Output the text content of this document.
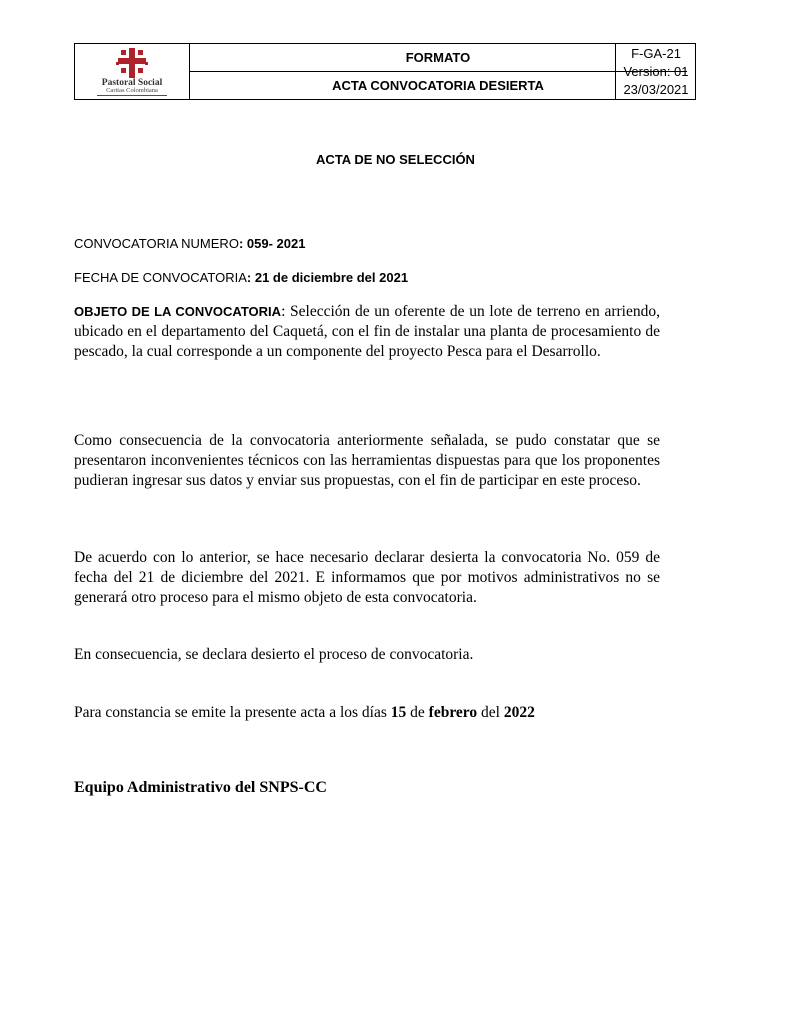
Pastoral Social
Caritas Colombiana
FORMATO
ACTA CONVOCATORIA DESIERTA
F-GA-21
Version: 01
23/03/2021
ACTA DE NO SELECCIÓN
CONVOCATORIA NUMERO: 059- 2021
FECHA DE CONVOCATORIA: 21 de diciembre del 2021
OBJETO DE LA CONVOCATORIA: Selección de un oferente de un lote de terreno en arriendo, ubicado en el departamento del Caquetá, con el fin de instalar una planta de procesamiento de pescado, la cual corresponde a un componente del proyecto Pesca para el Desarrollo.
Como consecuencia de la convocatoria anteriormente señalada, se pudo constatar que se presentaron inconvenientes técnicos con las herramientas dispuestas para que los proponentes pudieran ingresar sus datos y enviar sus propuestas, con el fin de participar en este proceso.
De acuerdo con lo anterior, se hace necesario declarar desierta la convocatoria No. 059 de fecha del 21 de diciembre del 2021. E informamos que por motivos administrativos no se generará otro proceso para el mismo objeto de esta convocatoria.
En consecuencia, se declara desierto el proceso de convocatoria.
Para constancia se emite la presente acta a los días 15 de febrero del 2022
Equipo Administrativo del SNPS-CC
